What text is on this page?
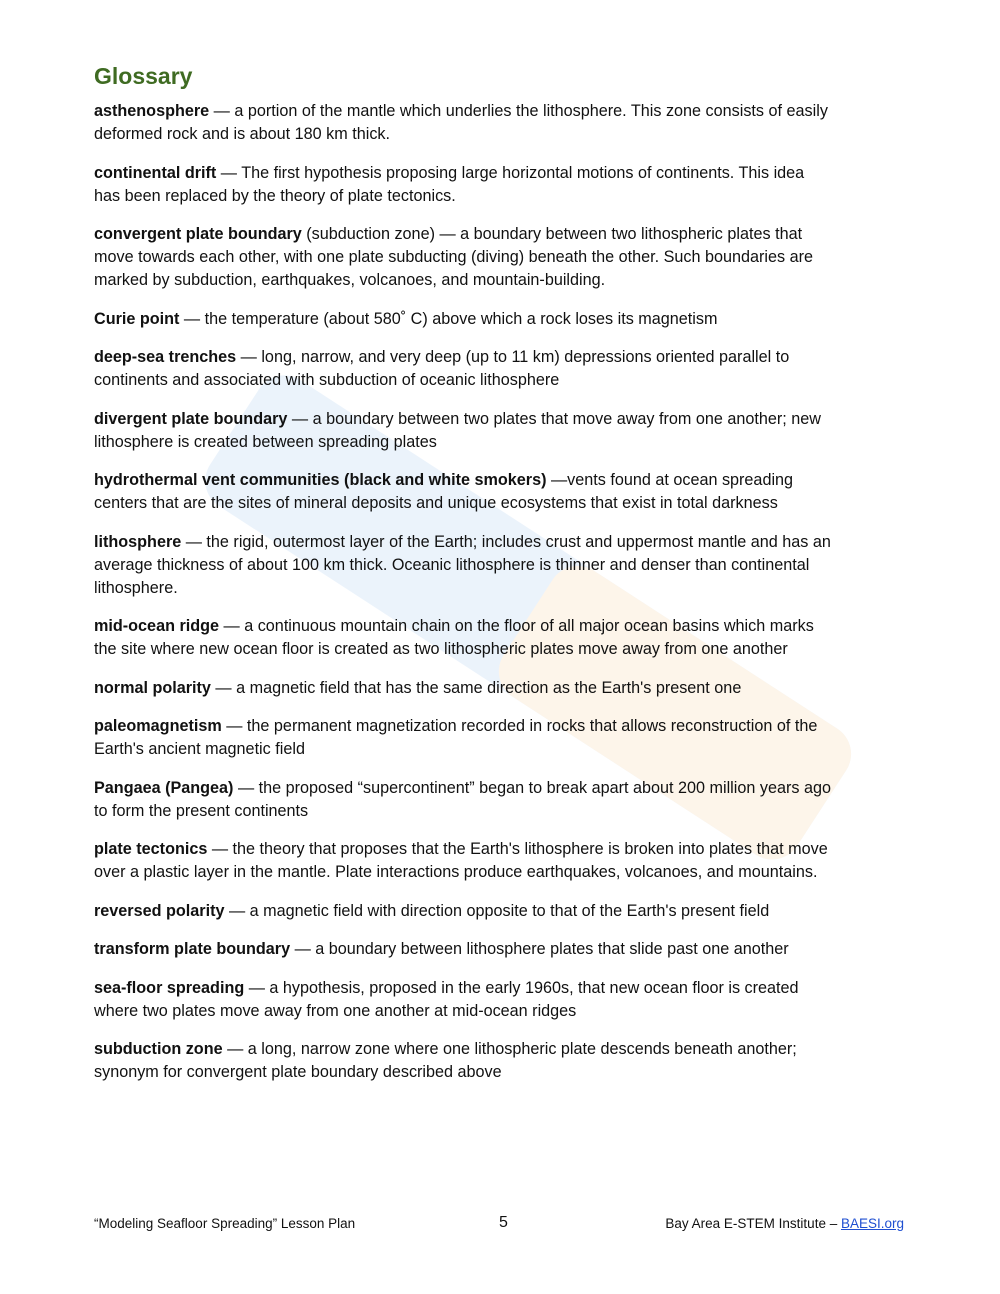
Glossary

asthenosphere — a portion of the mantle which underlies the lithosphere. This zone consists of easily deformed rock and is about 180 km thick.

continental drift — The first hypothesis proposing large horizontal motions of continents. This idea has been replaced by the theory of plate tectonics.

convergent plate boundary (subduction zone) — a boundary between two lithospheric plates that move towards each other, with one plate subducting (diving) beneath the other. Such boundaries are marked by subduction, earthquakes, volcanoes, and mountain-building.

Curie point — the temperature (about 580˚ C) above which a rock loses its magnetism

deep-sea trenches — long, narrow, and very deep (up to 11 km) depressions oriented parallel to continents and associated with subduction of oceanic lithosphere

divergent plate boundary — a boundary between two plates that move away from one another; new lithosphere is created between spreading plates

hydrothermal vent communities (black and white smokers) —vents found at ocean spreading centers that are the sites of mineral deposits and unique ecosystems that exist in total darkness

lithosphere — the rigid, outermost layer of the Earth; includes crust and uppermost mantle and has an average thickness of about 100 km thick. Oceanic lithosphere is thinner and denser than continental lithosphere.

mid-ocean ridge — a continuous mountain chain on the floor of all major ocean basins which marks the site where new ocean floor is created as two lithospheric plates move away from one another

normal polarity — a magnetic field that has the same direction as the Earth's present one

paleomagnetism — the permanent magnetization recorded in rocks that allows reconstruction of the Earth's ancient magnetic field

Pangaea (Pangea) — the proposed “supercontinent” began to break apart about 200 million years ago to form the present continents

plate tectonics — the theory that proposes that the Earth's lithosphere is broken into plates that move over a plastic layer in the mantle. Plate interactions produce earthquakes, volcanoes, and mountains.

reversed polarity — a magnetic field with direction opposite to that of the Earth's present field

transform plate boundary — a boundary between lithosphere plates that slide past one another

sea-floor spreading — a hypothesis, proposed in the early 1960s, that new ocean floor is created where two plates move away from one another at mid-ocean ridges

subduction zone — a long, narrow zone where one lithospheric plate descends beneath another; synonym for convergent plate boundary described above

“Modeling Seafloor Spreading” Lesson Plan	5	Bay Area E-STEM Institute – BAESI.org
